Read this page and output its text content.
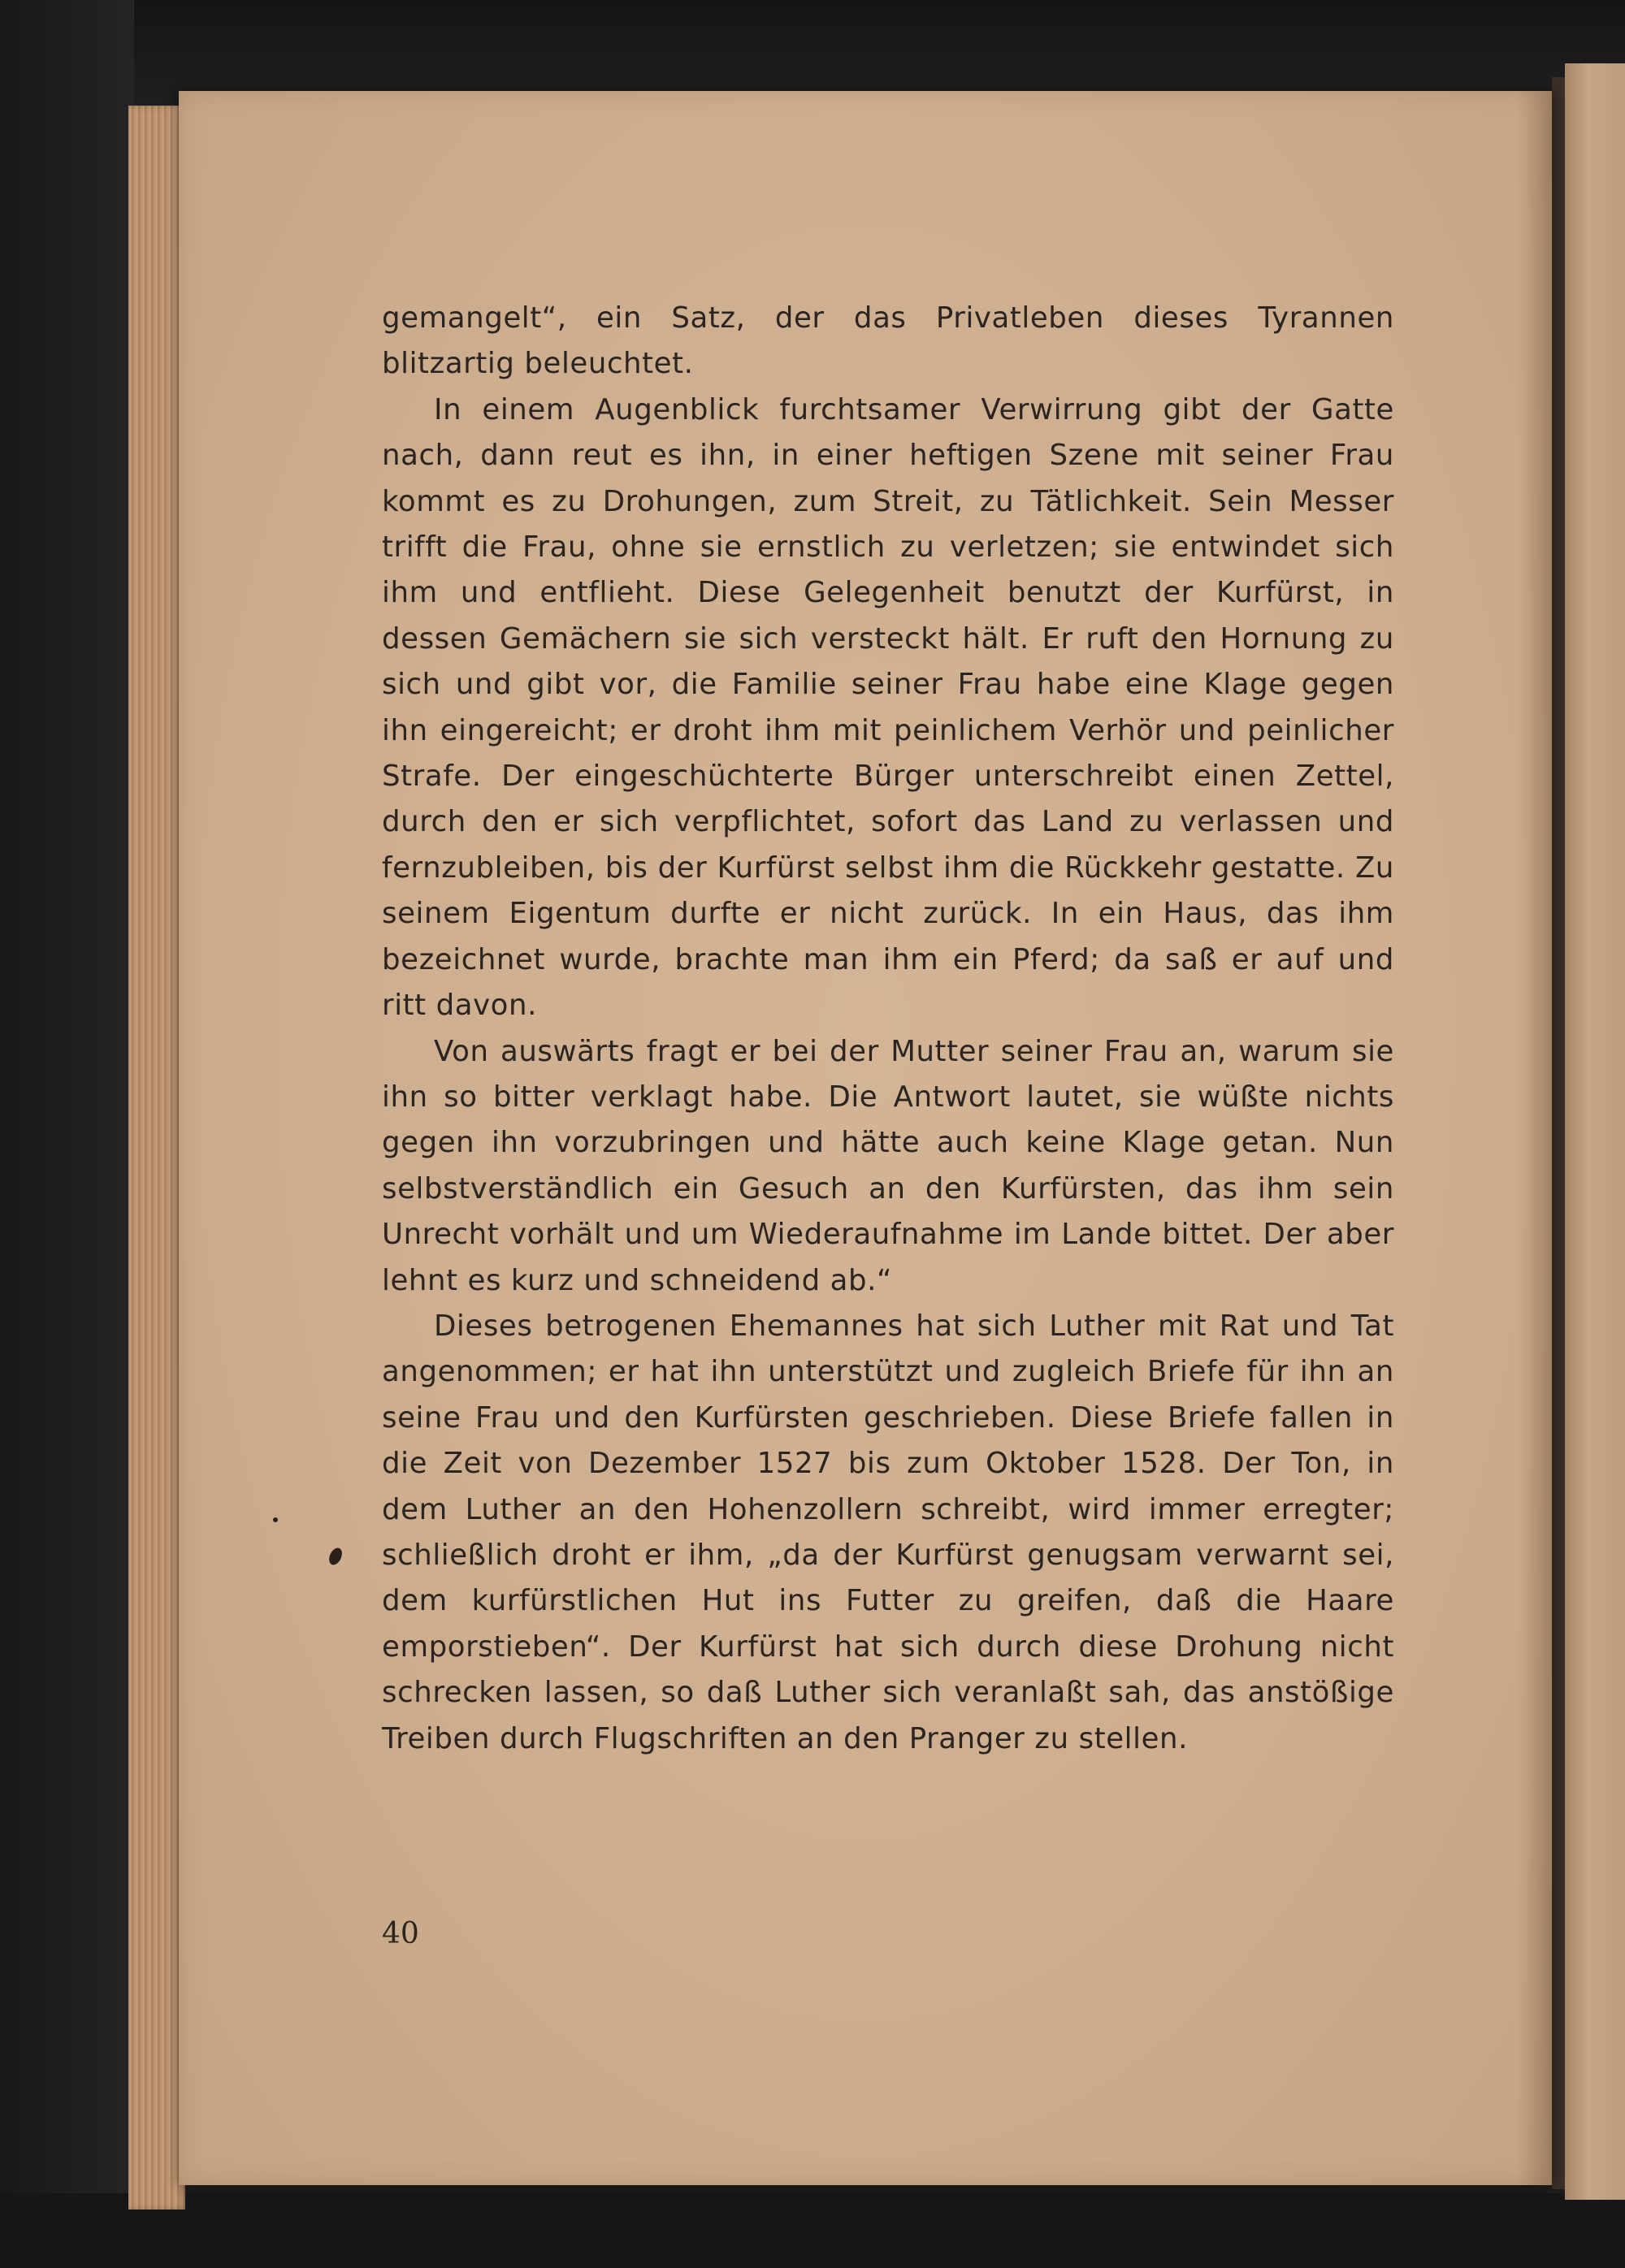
gemangelt“, ein Satz, der das Privatleben dieses Tyrannen blitzartig beleuchtet.

In einem Augenblick furchtsamer Verwirrung gibt der Gatte nach, dann reut es ihn, in einer heftigen Szene mit seiner Frau kommt es zu Drohungen, zum Streit, zu Tätlichkeit. Sein Messer trifft die Frau, ohne sie ernstlich zu verletzen; sie entwindet sich ihm und entflieht. Diese Gelegenheit benutzt der Kurfürst, in dessen Gemächern sie sich versteckt hält. Er ruft den Hornung zu sich und gibt vor, die Familie seiner Frau habe eine Klage gegen ihn eingereicht; er droht ihm mit peinlichem Verhör und peinlicher Strafe. Der eingeschüchterte Bürger unterschreibt einen Zettel, durch den er sich verpflichtet, sofort das Land zu verlassen und fernzubleiben, bis der Kurfürst selbst ihm die Rückkehr gestatte. Zu seinem Eigentum durfte er nicht zurück. In ein Haus, das ihm bezeichnet wurde, brachte man ihm ein Pferd; da saß er auf und ritt davon.

Von auswärts fragt er bei der Mutter seiner Frau an, warum sie ihn so bitter verklagt habe. Die Antwort lautet, sie wüßte nichts gegen ihn vorzubringen und hätte auch keine Klage getan. Nun selbstverständlich ein Gesuch an den Kurfürsten, das ihm sein Unrecht vorhält und um Wiederaufnahme im Lande bittet. Der aber lehnt es kurz und schneidend ab.“

Dieses betrogenen Ehemannes hat sich Luther mit Rat und Tat angenommen; er hat ihn unterstützt und zugleich Briefe für ihn an seine Frau und den Kurfürsten geschrieben. Diese Briefe fallen in die Zeit von Dezember 1527 bis zum Oktober 1528. Der Ton, in dem Luther an den Hohenzollern schreibt, wird immer erregter; schließlich droht er ihm, „da der Kurfürst genugsam verwarnt sei, dem kurfürstlichen Hut ins Futter zu greifen, daß die Haare emporstieben“. Der Kurfürst hat sich durch diese Drohung nicht schrecken lassen, so daß Luther sich veranlaßt sah, das anstößige Treiben durch Flugschriften an den Pranger zu stellen.

40
